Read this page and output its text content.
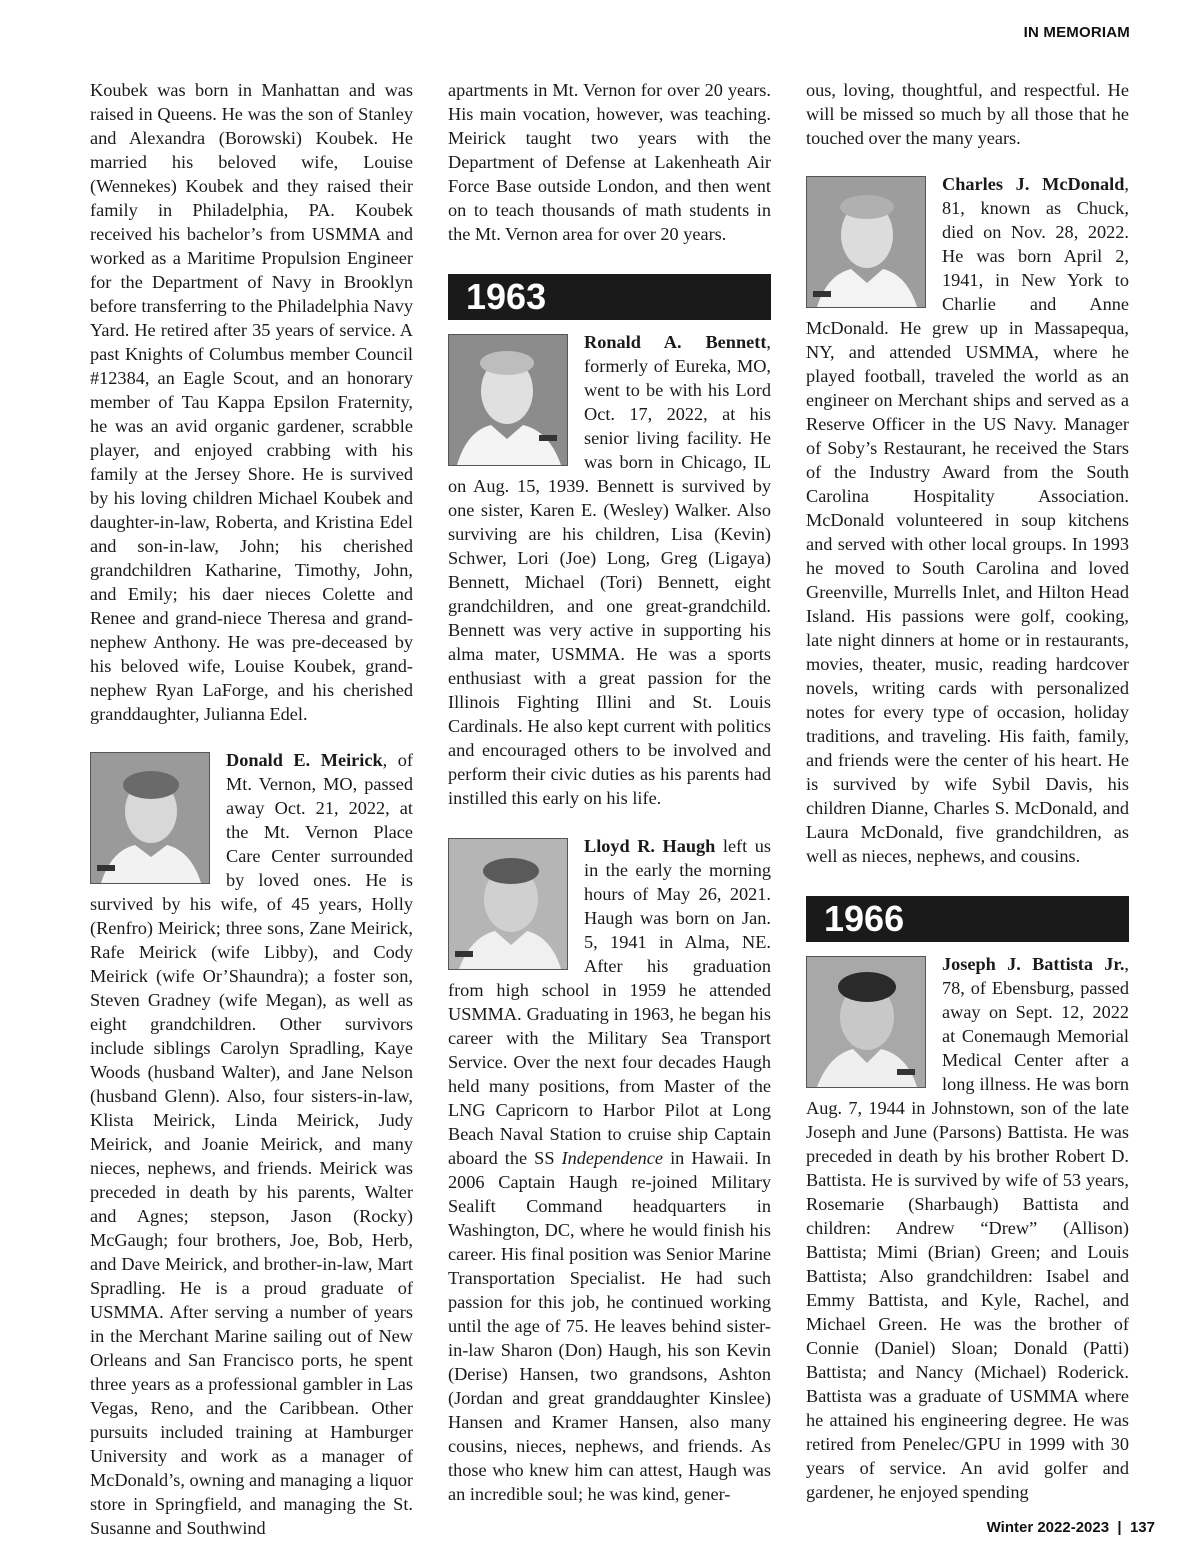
IN MEMORIAM

Koubek was born in Manhattan and was raised in Queens. He was the son of Stanley and Alexandra (Borowski) Koubek. He married his beloved wife, Louise (Wennekes) Koubek and they raised their family in Philadelphia, PA. Koubek received his bachelor’s from USMMA and worked as a Maritime Propulsion Engineer for the Department of Navy in Brooklyn before transferring to the Philadelphia Navy Yard. He retired after 35 years of service. A past Knights of Columbus member Council #12384, an Eagle Scout, and an honorary member of Tau Kappa Epsilon Fraternity, he was an avid organic gardener, scrabble player, and enjoyed crabbing with his family at the Jersey Shore. He is survived by his loving children Michael Koubek and daughter-in-law, Roberta, and Kristina Edel and son-in-law, John; his cherished grandchildren Katharine, Timothy, John, and Emily; his daer nieces Colette and Renee and grand-niece Theresa and grand-nephew Anthony. He was pre-deceased by his beloved wife, Louise Koubek, grand-nephew Ryan LaForge, and his cherished granddaughter, Julianna Edel.

Donald E. Meirick, of Mt. Vernon, MO, passed away Oct. 21, 2022, at the Mt. Vernon Place Care Center surrounded by loved ones. He is survived by his wife, of 45 years, Holly (Renfro) Meirick; three sons, Zane Meirick, Rafe Meirick (wife Libby), and Cody Meirick (wife Or’Shaundra); a foster son, Steven Gradney (wife Megan), as well as eight grandchildren. Other survivors include siblings Carolyn Spradling, Kaye Woods (husband Walter), and Jane Nelson (husband Glenn). Also, four sisters-in-law, Klista Meirick, Linda Meirick, Judy Meirick, and Joanie Meirick, and many nieces, nephews, and friends. Meirick was preceded in death by his parents, Walter and Agnes; stepson, Jason (Rocky) McGaugh; four brothers, Joe, Bob, Herb, and Dave Meirick, and brother-in-law, Mart Spradling. He is a proud graduate of USMMA. After serving a number of years in the Merchant Marine sailing out of New Orleans and San Francisco ports, he spent three years as a professional gambler in Las Vegas, Reno, and the Caribbean. Other pursuits included training at Hamburger University and work as a manager of McDonald’s, owning and managing a liquor store in Springfield, and managing the St. Susanne and Southwind

apartments in Mt. Vernon for over 20 years. His main vocation, however, was teaching. Meirick taught two years with the Department of Defense at Lakenheath Air Force Base outside London, and then went on to teach thousands of math students in the Mt. Vernon area for over 20 years.

1963

Ronald A. Bennett, formerly of Eureka, MO, went to be with his Lord Oct. 17, 2022, at his senior living facility. He was born in Chicago, IL on Aug. 15, 1939. Bennett is survived by one sister, Karen E. (Wesley) Walker. Also surviving are his children, Lisa (Kevin) Schwer, Lori (Joe) Long, Greg (Ligaya) Bennett, Michael (Tori) Bennett, eight grandchildren, and one great-grandchild. Bennett was very active in supporting his alma mater, USMMA. He was a sports enthusiast with a great passion for the Illinois Fighting Illini and St. Louis Cardinals. He also kept current with politics and encouraged others to be involved and perform their civic duties as his parents had instilled this early on his life.

Lloyd R. Haugh left us in the early the morning hours of May 26, 2021. Haugh was born on Jan. 5, 1941 in Alma, NE. After his graduation from high school in 1959 he attended USMMA. Graduating in 1963, he began his career with the Military Sea Transport Service. Over the next four decades Haugh held many positions, from Master of the LNG Capricorn to Harbor Pilot at Long Beach Naval Station to cruise ship Captain aboard the SS Independence in Hawaii. In 2006 Captain Haugh re-joined Military Sealift Command headquarters in Washington, DC, where he would finish his career. His final position was Senior Marine Transportation Specialist. He had such passion for this job, he continued working until the age of 75. He leaves behind sister-in-law Sharon (Don) Haugh, his son Kevin (Derise) Hansen, two grandsons, Ashton (Jordan and great granddaughter Kinslee) Hansen and Kramer Hansen, also many cousins, nieces, nephews, and friends. As those who knew him can attest, Haugh was an incredible soul; he was kind, gener-

ous, loving, thoughtful, and respectful. He will be missed so much by all those that he touched over the many years.

Charles J. McDonald, 81, known as Chuck, died on Nov. 28, 2022. He was born April 2, 1941, in New York to Charlie and Anne McDonald. He grew up in Massapequa, NY, and attended USMMA, where he played football, traveled the world as an engineer on Merchant ships and served as a Reserve Officer in the US Navy. Manager of Soby’s Restaurant, he received the Stars of the Industry Award from the South Carolina Hospitality Association. McDonald volunteered in soup kitchens and served with other local groups. In 1993 he moved to South Carolina and loved Greenville, Murrells Inlet, and Hilton Head Island. His passions were golf, cooking, late night dinners at home or in restaurants, movies, theater, music, reading hardcover novels, writing cards with personalized notes for every type of occasion, holiday traditions, and traveling. His faith, family, and friends were the center of his heart. He is survived by wife Sybil Davis, his children Dianne, Charles S. McDonald, and Laura McDonald, five grandchildren, as well as nieces, nephews, and cousins.

1966

Joseph J. Battista Jr., 78, of Ebensburg, passed away on Sept. 12, 2022 at Conemaugh Memorial Medical Center after a long illness. He was born Aug. 7, 1944 in Johnstown, son of the late Joseph and June (Parsons) Battista. He was preceded in death by his brother Robert D. Battista. He is survived by wife of 53 years, Rosemarie (Sharbaugh) Battista and children: Andrew “Drew” (Allison) Battista; Mimi (Brian) Green; and Louis Battista; Also grandchildren: Isabel and Emmy Battista, and Kyle, Rachel, and Michael Green. He was the brother of Connie (Daniel) Sloan; Donald (Patti) Battista; and Nancy (Michael) Roderick. Battista was a graduate of USMMA where he attained his engineering degree. He was retired from Penelec/GPU in 1999 with 30 years of service. An avid golfer and gardener, he enjoyed spending

Winter 2022-2023 | 137
